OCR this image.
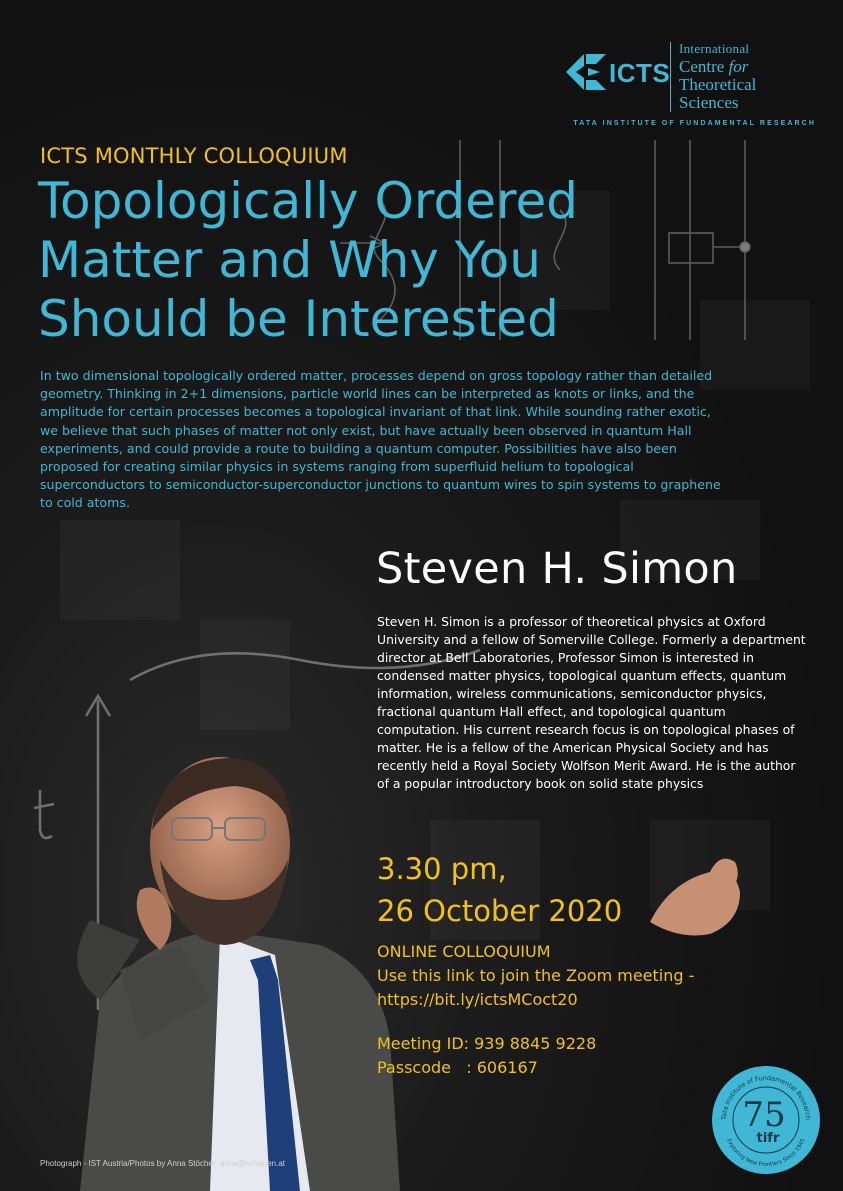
ICTS
International
Centre for
Theoretical
Sciences
TATA INSTITUTE OF FUNDAMENTAL RESEARCH
ICTS MONTHLY COLLOQUIUM
Topologically Ordered
Matter and Why You
Should be Interested
In two dimensional topologically ordered matter, processes depend on gross topology rather than detailed geometry. Thinking in 2+1 dimensions, particle world lines can be interpreted as knots or links, and the amplitude for certain processes becomes a topological invariant of that link. While sounding rather exotic, we believe that such phases of matter not only exist, but have actually been observed in quantum Hall experiments, and could provide a route to building a quantum computer. Possibilities have also been proposed for creating similar physics in systems ranging from superfluid helium to topological superconductors to semiconductor-superconductor junctions to quantum wires to spin systems to graphene to cold atoms.
Steven H. Simon
Steven H. Simon is a professor of theoretical physics at Oxford University and a fellow of Somerville College. Formerly a department director at Bell Laboratories, Professor Simon is interested in condensed matter physics, topological quantum effects, quantum information, wireless communications, semiconductor physics, fractional quantum Hall effect, and topological quantum computation. His current research focus is on topological phases of matter. He is a fellow of the American Physical Society and has recently held a Royal Society Wolfson Merit Award. He is the author of a popular introductory book on solid state physics
3.30 pm,
26 October 2020
ONLINE COLLOQUIUM
Use this link to join the Zoom meeting -
https://bit.ly/ictsMCoct20
Meeting ID: 939 8845 9228
Passcode   : 606167
Photograph - IST Austria/Photos by Anna Stöcher  anna@schquen.at
Tata Institute of Fundamental Research
Exploring New Frontiers Since 1945
75
tifr
